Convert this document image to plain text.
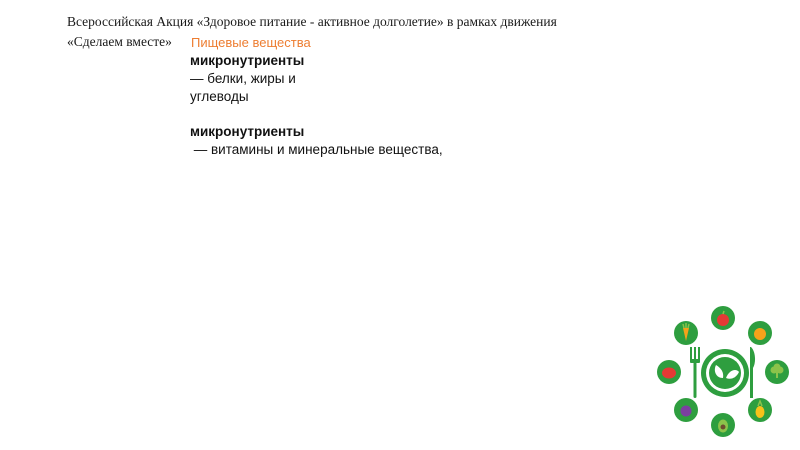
Всероссийская Акция «Здоровое питание - активное долголетие» в рамках движения
«Сделаем вместе» Пищевые вещества
микронутриенты
— белки, жиры и
углеводы
микронутриенты
— витамины и минеральные вещества,
